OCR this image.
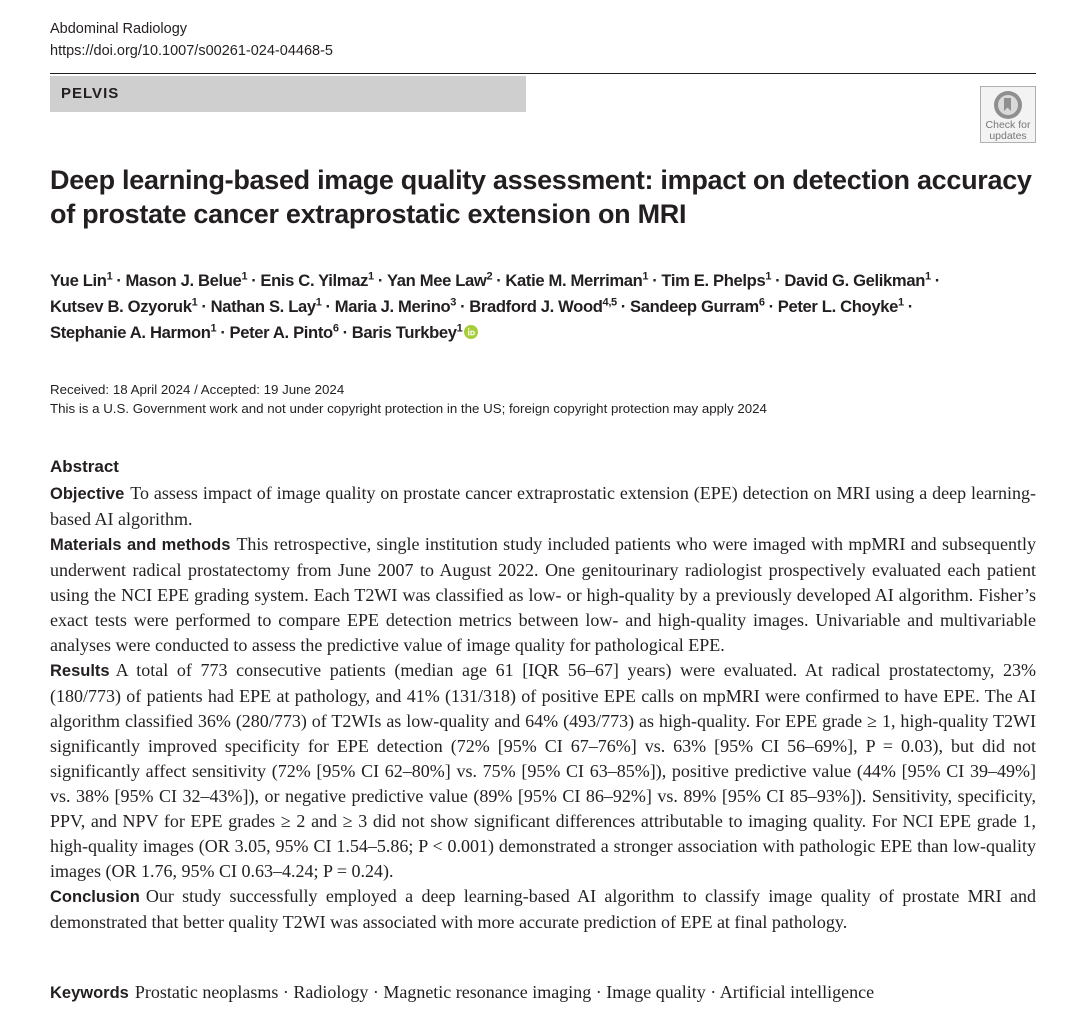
Abdominal Radiology
https://doi.org/10.1007/s00261-024-04468-5
PELVIS
Check for
updates
Deep learning-based image quality assessment: impact on detection accuracy of prostate cancer extraprostatic extension on MRI
Yue Lin$^1$ · Mason J. Belue$^1$ · Enis C. Yilmaz$^1$ · Yan Mee Law$^2$ · Katie M. Merriman$^1$ · Tim E. Phelps$^1$ · David G. Gelikman$^1$ ·
Kutsev B. Ozyoruk$^1$ · Nathan S. Lay$^1$ · Maria J. Merino$^3$ · Bradford J. Wood$^{4,5}$ · Sandeep Gurram$^6$ · Peter L. Choyke$^1$ ·
Stephanie A. Harmon$^1$ · Peter A. Pinto$^6$ · Baris Turkbey$^1$
Received: 18 April 2024 / Accepted: 19 June 2024
This is a U.S. Government work and not under copyright protection in the US; foreign copyright protection may apply 2024
Abstract

Objective To assess impact of image quality on prostate cancer extraprostatic extension (EPE) detection on MRI using a deep learning-based AI algorithm.

Materials and methods This retrospective, single institution study included patients who were imaged with mpMRI and subsequently underwent radical prostatectomy from June 2007 to August 2022. One genitourinary radiologist prospectively evaluated each patient using the NCI EPE grading system. Each T2WI was classified as low- or high-quality by a previously developed AI algorithm. Fisher’s exact tests were performed to compare EPE detection metrics between low- and high-quality images. Univariable and multivariable analyses were conducted to assess the predictive value of image quality for pathological EPE.

Results A total of 773 consecutive patients (median age 61 [IQR 56–67] years) were evaluated. At radical prostatectomy, 23% (180/773) of patients had EPE at pathology, and 41% (131/318) of positive EPE calls on mpMRI were confirmed to have EPE. The AI algorithm classified 36% (280/773) of T2WIs as low-quality and 64% (493/773) as high-quality. For EPE grade ≥ 1, high-quality T2WI significantly improved specificity for EPE detection (72% [95% CI 67–76%] vs. 63% [95% CI 56–69%], P = 0.03), but did not significantly affect sensitivity (72% [95% CI 62–80%] vs. 75% [95% CI 63–85%]), positive predictive value (44% [95% CI 39–49%] vs. 38% [95% CI 32–43%]), or negative predictive value (89% [95% CI 86–92%] vs. 89% [95% CI 85–93%]). Sensitivity, specificity, PPV, and NPV for EPE grades ≥ 2 and ≥ 3 did not show significant differences attributable to imaging quality. For NCI EPE grade 1, high-quality images (OR 3.05, 95% CI 1.54–5.86; P < 0.001) demonstrated a stronger association with pathologic EPE than low-quality images (OR 1.76, 95% CI 0.63–4.24; P = 0.24).

Conclusion Our study successfully employed a deep learning-based AI algorithm to classify image quality of prostate MRI and demonstrated that better quality T2WI was associated with more accurate prediction of EPE at final pathology.

Keywords Prostatic neoplasms · Radiology · Magnetic resonance imaging · Image quality · Artificial intelligence
